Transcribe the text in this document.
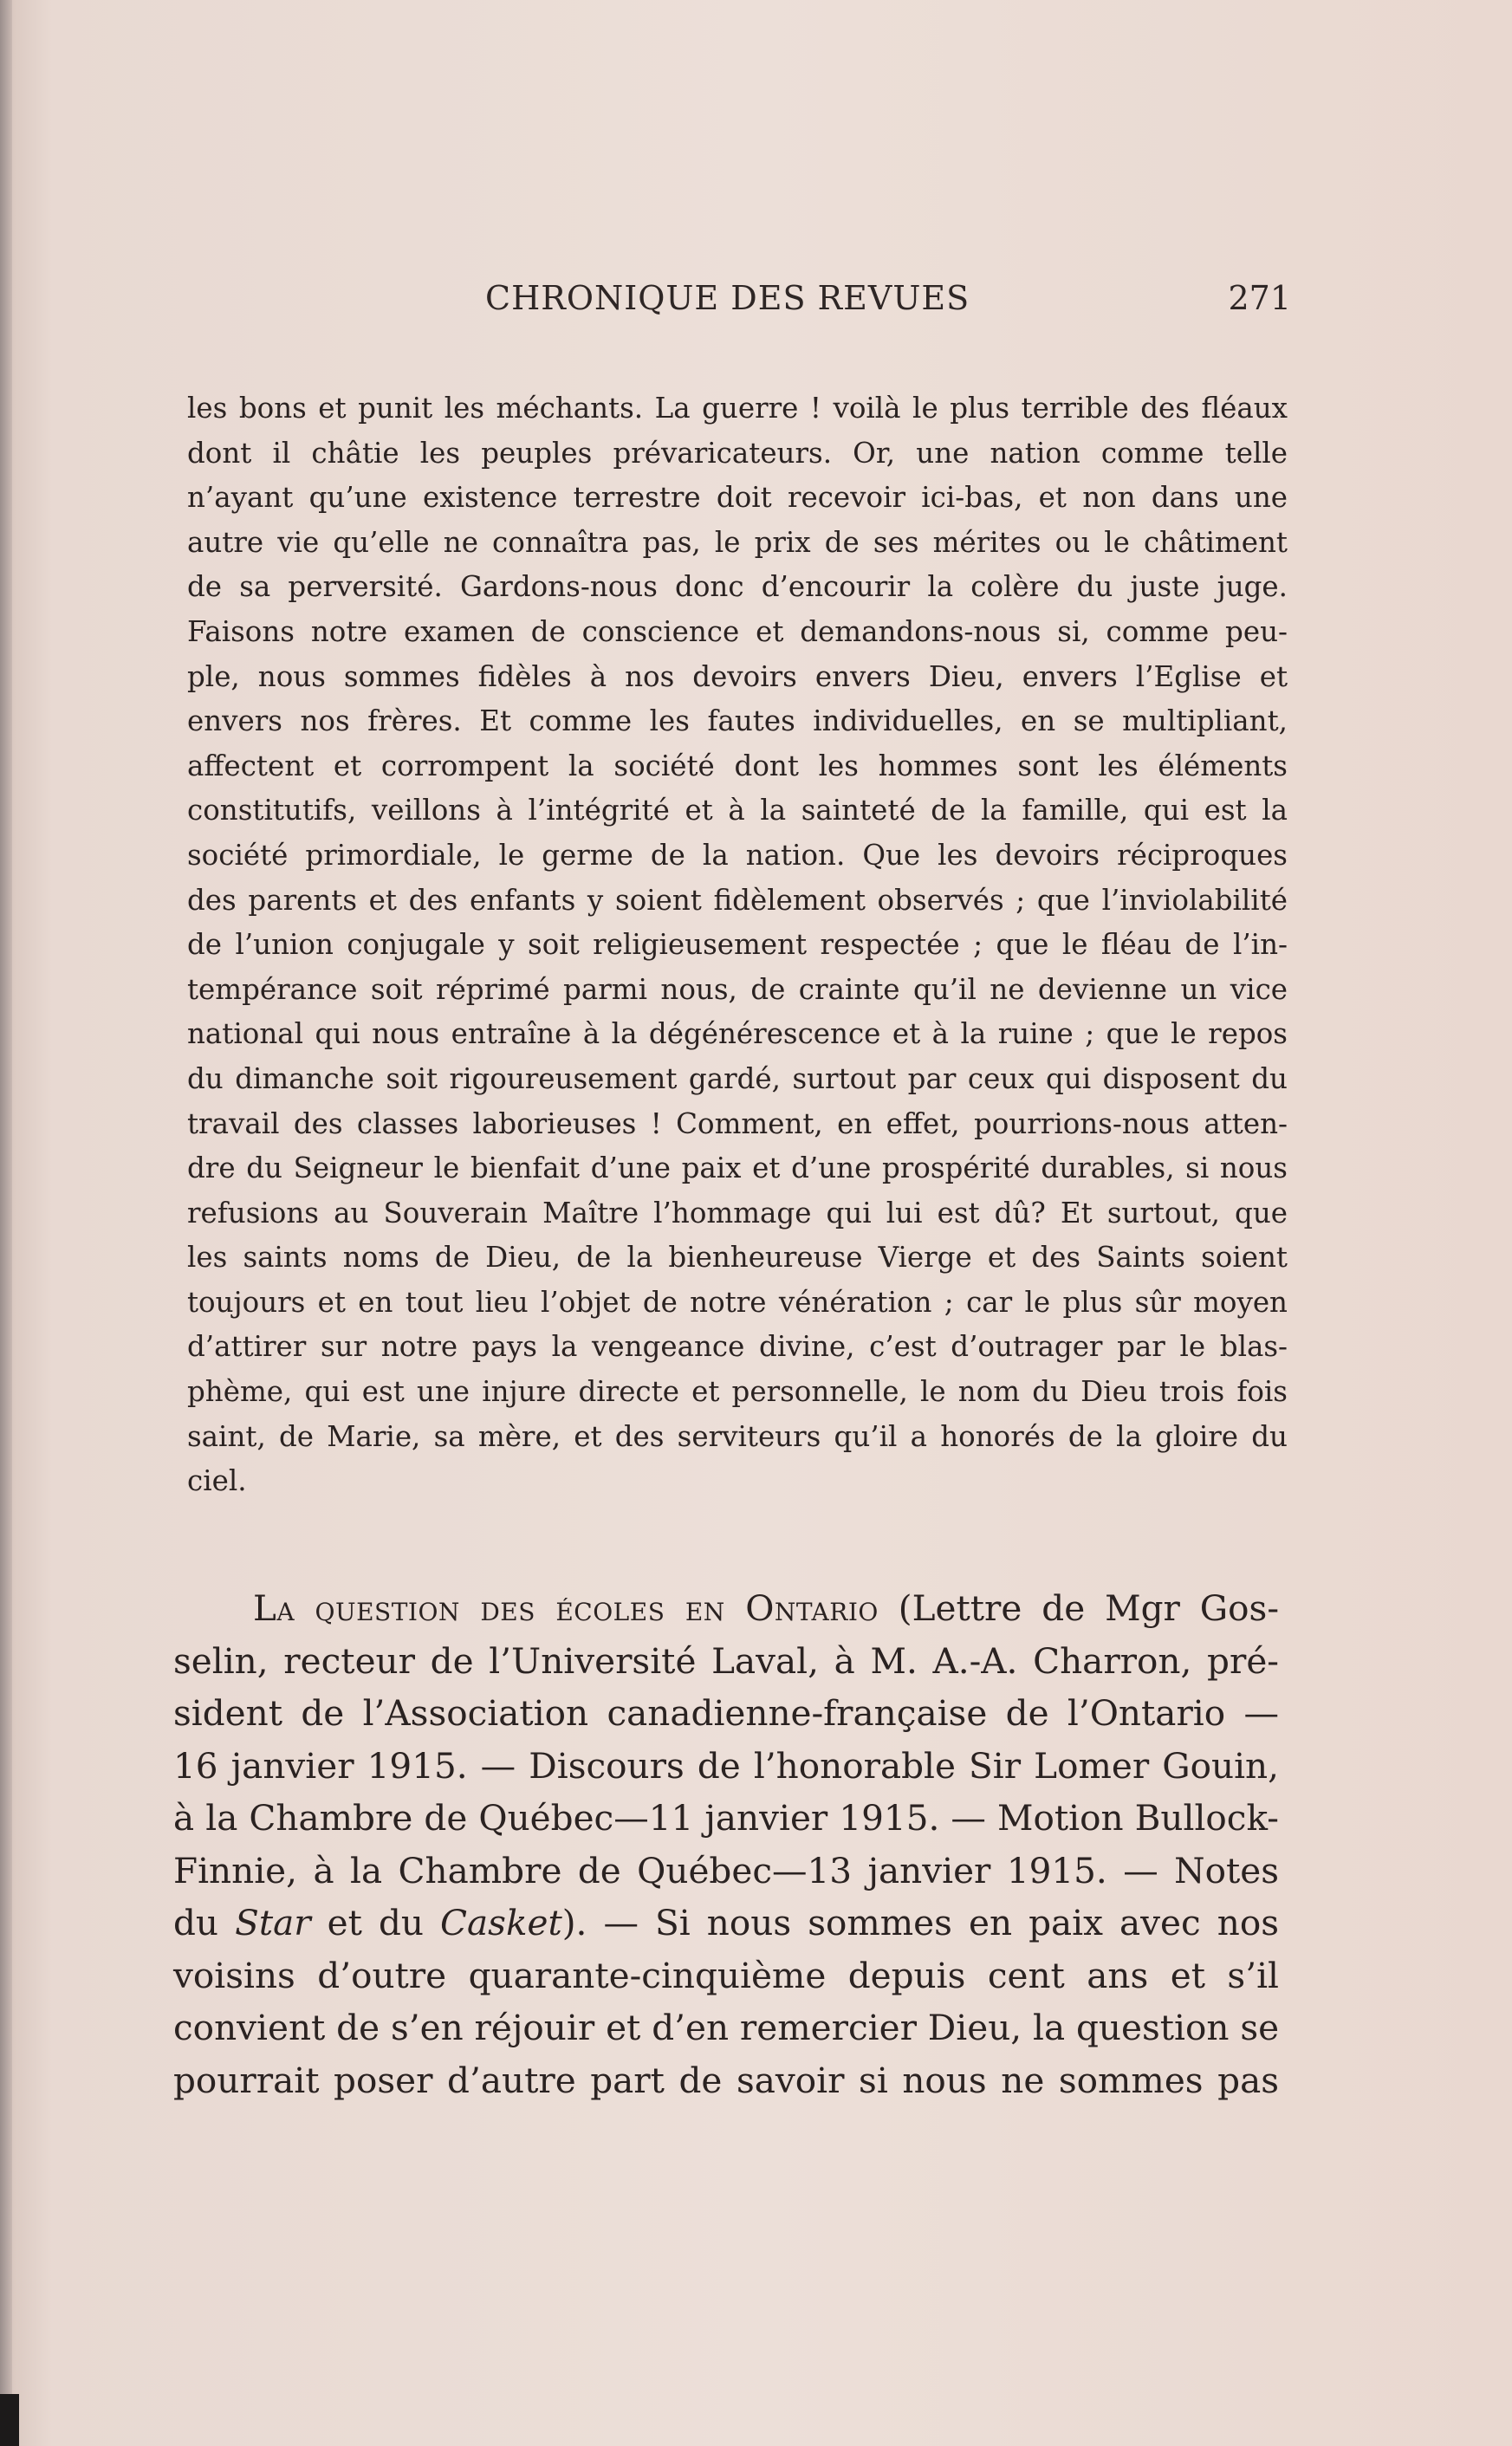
CHRONIQUE DES REVUES	271
les bons et punit les méchants. La guerre ! voilà le plus terrible des fléaux
dont il châtie les peuples prévaricateurs. Or, une nation comme telle
n’ayant qu’une existence terrestre doit recevoir ici-bas, et non dans une
autre vie qu’elle ne connaîtra pas, le prix de ses mérites ou le châtiment
de sa perversité. Gardons-nous donc d’encourir la colère du juste juge.
Faisons notre examen de conscience et demandons-nous si, comme peu-
ple, nous sommes fidèles à nos devoirs envers Dieu, envers l’Eglise et
envers nos frères. Et comme les fautes individuelles, en se multipliant,
affectent et corrompent la société dont les hommes sont les éléments
constitutifs, veillons à l’intégrité et à la sainteté de la famille, qui est la
société primordiale, le germe de la nation. Que les devoirs réciproques
des parents et des enfants y soient fidèlement observés ; que l’inviolabilité
de l’union conjugale y soit religieusement respectée ; que le fléau de l’in-
tempérance soit réprimé parmi nous, de crainte qu’il ne devienne un vice
national qui nous entraîne à la dégénérescence et à la ruine ; que le repos
du dimanche soit rigoureusement gardé, surtout par ceux qui disposent du
travail des classes laborieuses ! Comment, en effet, pourrions-nous atten-
dre du Seigneur le bienfait d’une paix et d’une prospérité durables, si nous
refusions au Souverain Maître l’hommage qui lui est dû? Et surtout, que
les saints noms de Dieu, de la bienheureuse Vierge et des Saints soient
toujours et en tout lieu l’objet de notre vénération ; car le plus sûr moyen
d’attirer sur notre pays la vengeance divine, c’est d’outrager par le blas-
phème, qui est une injure directe et personnelle, le nom du Dieu trois fois
saint, de Marie, sa mère, et des serviteurs qu’il a honorés de la gloire du
ciel.
La question des écoles en Ontario (Lettre de Mgr Gos-
selin, recteur de l’Université Laval, à M. A.-A. Charron, pré-
sident de l’Association canadienne-française de l’Ontario —
16 janvier 1915. — Discours de l’honorable Sir Lomer Gouin,
à la Chambre de Québec—11 janvier 1915. — Motion Bullock-
Finnie, à la Chambre de Québec—13 janvier 1915. — Notes
du Star et du Casket). — Si nous sommes en paix avec nos
voisins d’outre quarante-cinquième depuis cent ans et s’il
convient de s’en réjouir et d’en remercier Dieu, la question se
pourrait poser d’autre part de savoir si nous ne sommes pas
